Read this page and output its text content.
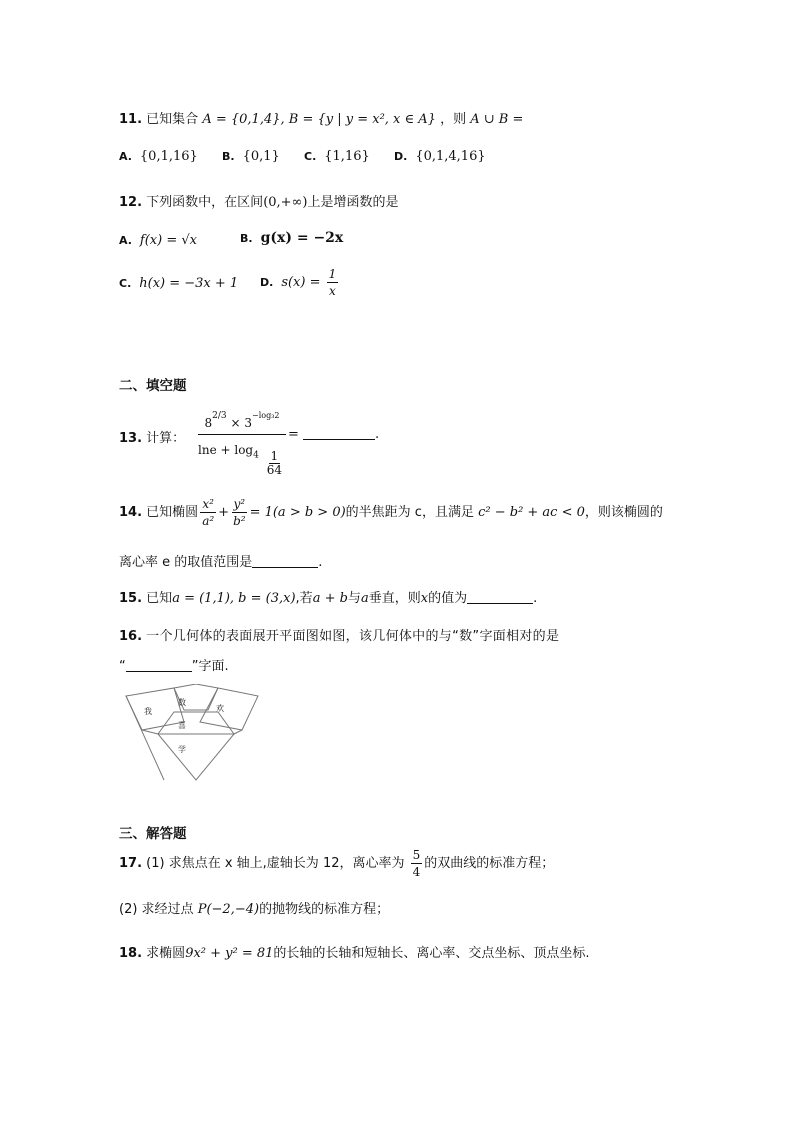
11. 已知集合 A = {0,1,4}, B = {y | y = x², x ∈ A} ，则 A ∪ B =
A. {0,1,16} B. {0,1} C. {1,16} D. {0,1,4,16}
12. 下列函数中，在区间(0,+∞)上是增函数的是
A. f(x) = √x	B. g(x) = −2x
C. h(x) = −3x + 1 D. $s(x) = \frac{1}{x}$
二、填空题
13. 计算： $\frac{8^{2/3} \times 3^{-log_32}}{\ln e + \log_4 \frac{1}{64}}$ =	.
14. 已知椭圆 $\frac{\text{x²}}{\text{a²}} + \frac{\text{y²}}{\text{b²}} = 1(a > b > 0)$的半焦距为 c，且满足 c² − b² + ac < 0，则该椭圆的
离心率 e 的取值范围是	.
15. 已知a = (1,1), b = (3,x),若a + b与a垂直，则x的值为	.
16. 一个几何体的表面展开平面图如图，该几何体中的与“数”字面相对的是
“	”字面.
我
数
欢
喜
学
三、解答题
17. (1) 求焦点在 x 轴上,虚轴长为 12，离心率为 $\frac{5}{4}$ 的双曲线的标准方程；
(2) 求经过点 P(−2,−4)的抛物线的标准方程；
18. 求椭圆9x² + y² = 81的长轴的长轴和短轴长、离心率、交点坐标、顶点坐标.
